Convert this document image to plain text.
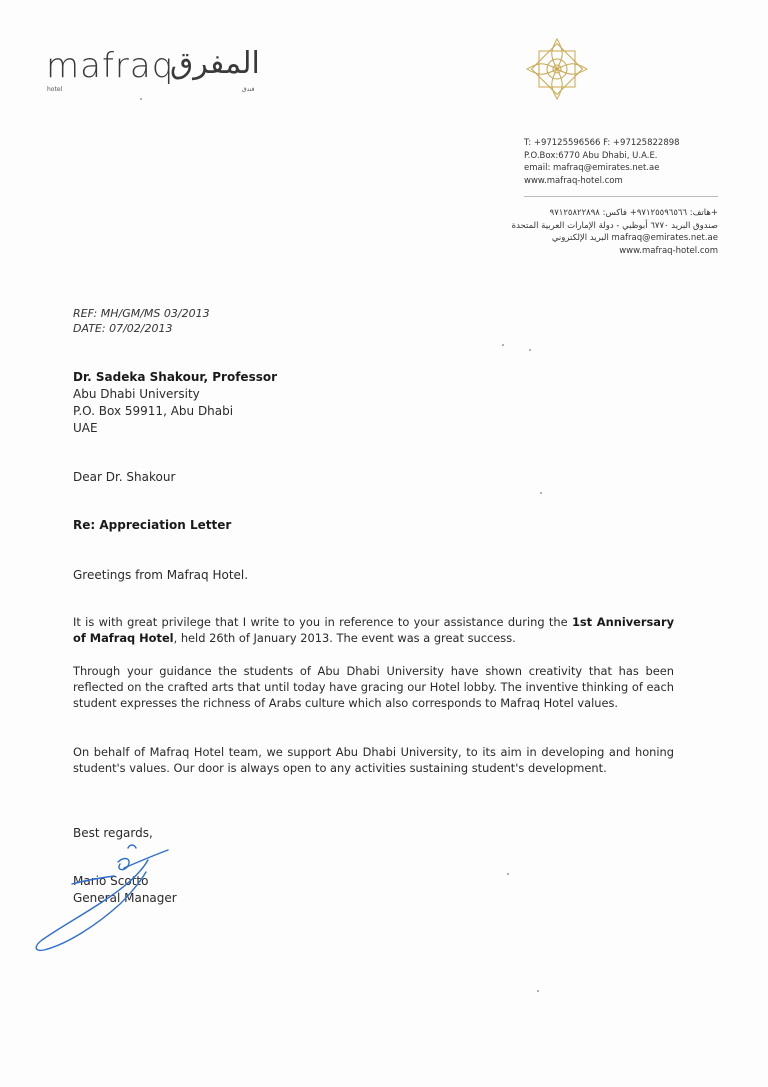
mafraq
المفرق
hotel	فندق
T: +97125596566 F: +97125822898
P.O.Box:6770 Abu Dhabi, U.A.E.
email: mafraq@emirates.net.ae
www.mafraq-hotel.com
هاتف: ٩٧١٢٥٥٩٦٥٦٦+ فاكس: ٩٧١٢٥٨٢٢٨٩٨+
صندوق البريد ٦٧٧٠ أبوظبي - دولة الإمارات العربية المتحدة
البريد الإلكتروني mafraq@emirates.net.ae
www.mafraq-hotel.com
REF: MH/GM/MS 03/2013
DATE: 07/02/2013
Dr. Sadeka Shakour, Professor
Abu Dhabi University
P.O. Box 59911, Abu Dhabi
UAE
Dear Dr. Shakour
Re: Appreciation Letter
Greetings from Mafraq Hotel.
It is with great privilege that I write to you in reference to your assistance during the 1st Anniversary of Mafraq Hotel, held 26th of January 2013. The event was a great success.
Through your guidance the students of Abu Dhabi University have shown creativity that has been reflected on the crafted arts that until today have gracing our Hotel lobby. The inventive thinking of each student expresses the richness of Arabs culture which also corresponds to Mafraq Hotel values.
On behalf of Mafraq Hotel team, we support Abu Dhabi University, to its aim in developing and honing student's values. Our door is always open to any activities sustaining student's development.
Best regards,
Mario Scotto
General Manager
